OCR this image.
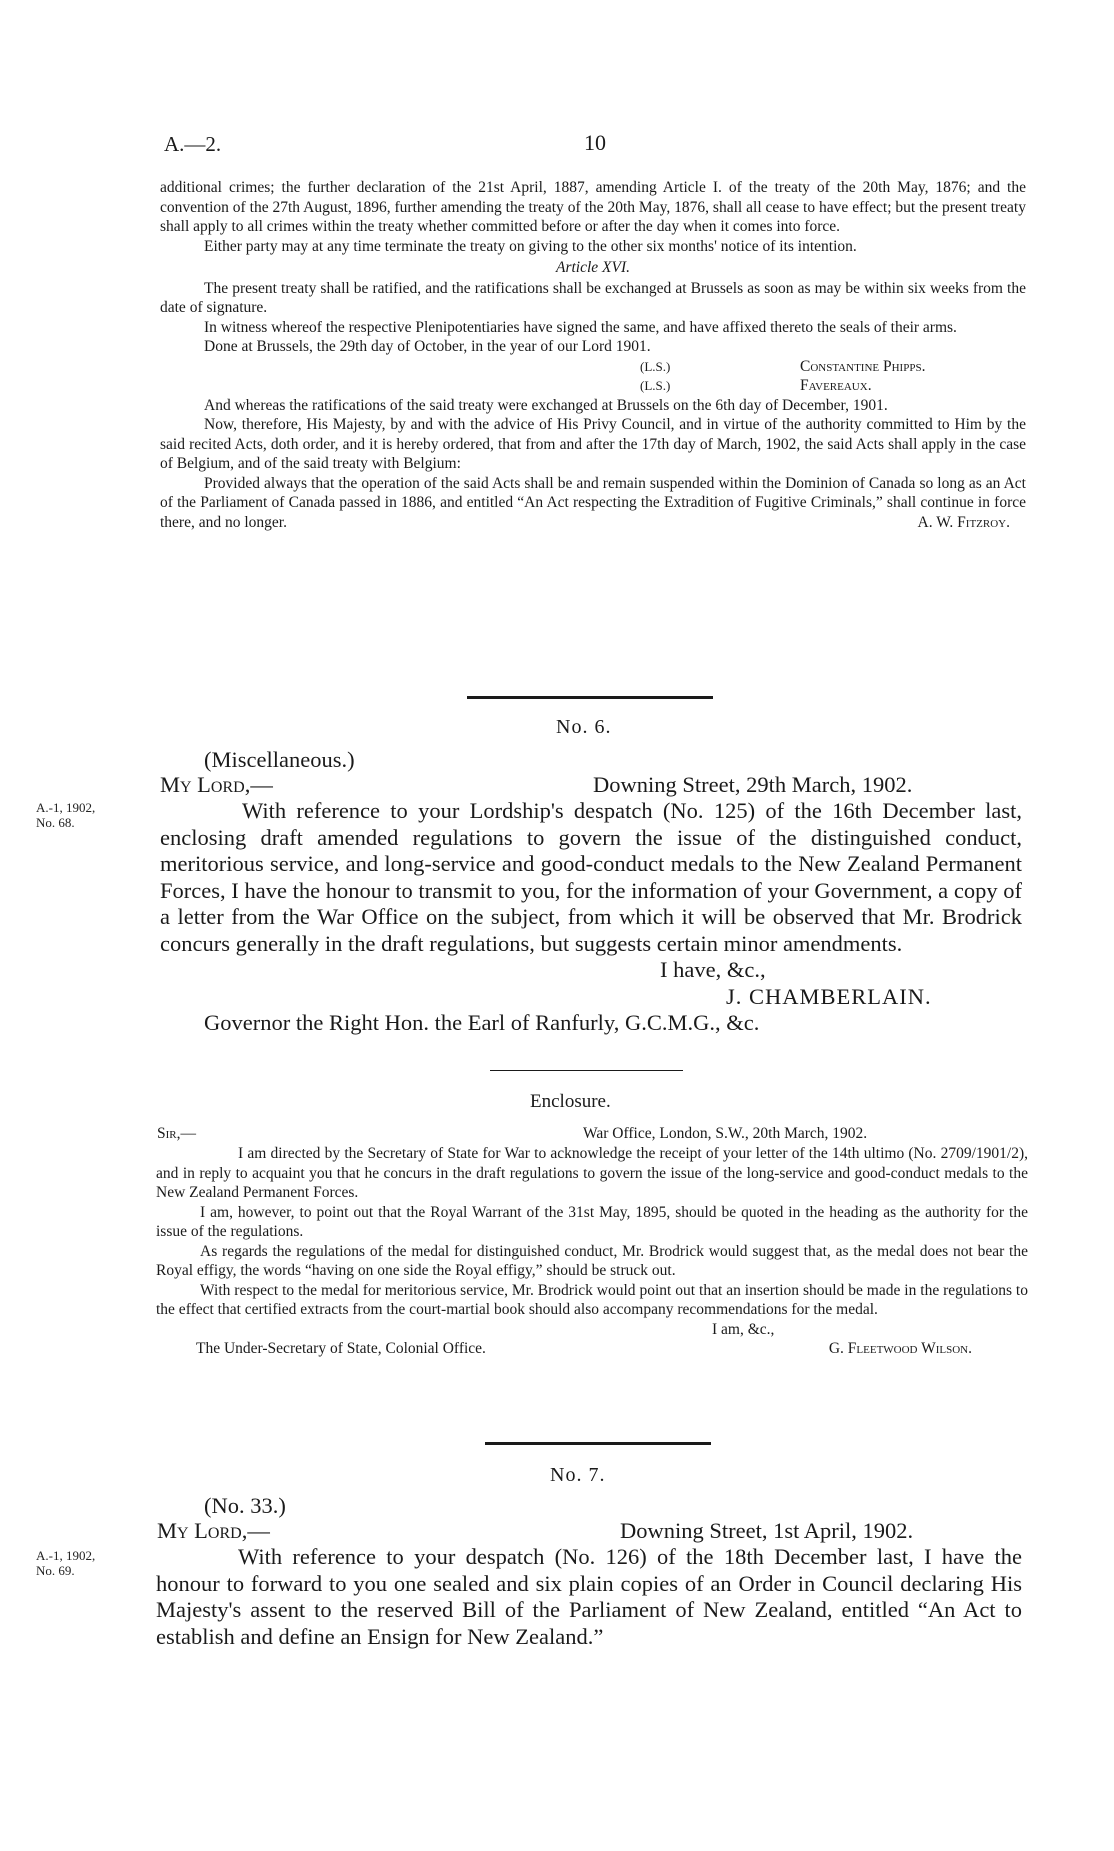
A.—2.	10

additional crimes; the further declaration of the 21st April, 1887, amending Article I. of the treaty of the 20th May, 1876; and the convention of the 27th August, 1896, further amending the treaty of the 20th May, 1876, shall all cease to have effect; but the present treaty shall apply to all crimes within the treaty whether committed before or after the day when it comes into force.

Either party may at any time terminate the treaty on giving to the other six months' notice of its intention.

Article XVI.

The present treaty shall be ratified, and the ratifications shall be exchanged at Brussels as soon as may be within six weeks from the date of signature.

In witness whereof the respective Plenipotentiaries have signed the same, and have affixed thereto the seals of their arms.

Done at Brussels, the 29th day of October, in the year of our Lord 1901.

(L.S.)	Constantine Phipps.
(L.S.)	Favereaux.

And whereas the ratifications of the said treaty were exchanged at Brussels on the 6th day of December, 1901.

Now, therefore, His Majesty, by and with the advice of His Privy Council, and in virtue of the authority committed to Him by the said recited Acts, doth order, and it is hereby ordered, that from and after the 17th day of March, 1902, the said Acts shall apply in the case of Belgium, and of the said treaty with Belgium:

Provided always that the operation of the said Acts shall be and remain suspended within the Dominion of Canada so long as an Act of the Parliament of Canada passed in 1886, and entitled “An Act respecting the Extradition of Fugitive Criminals,” shall continue in force there, and no longer.	A. W. Fitzroy.
No. 6.
(Miscellaneous.)
My Lord,—	Downing Street, 29th March, 1902.
A.-1, 1902,
No. 68.	With reference to your Lordship's despatch (No. 125) of the 16th December last, enclosing draft amended regulations to govern the issue of the distinguished conduct, meritorious service, and long-service and good-conduct medals to the New Zealand Permanent Forces, I have the honour to transmit to you, for the information of your Government, a copy of a letter from the War Office on the subject, from which it will be observed that Mr. Brodrick concurs generally in the draft regulations, but suggests certain minor amendments.

I have, &c.,
J. CHAMBERLAIN.
Governor the Right Hon. the Earl of Ranfurly, G.C.M.G., &c.
Enclosure.
Sir,—	War Office, London, S.W., 20th March, 1902.

I am directed by the Secretary of State for War to acknowledge the receipt of your letter of the 14th ultimo (No. 2709/1901/2), and in reply to acquaint you that he concurs in the draft regulations to govern the issue of the long-service and good-conduct medals to the New Zealand Permanent Forces.

I am, however, to point out that the Royal Warrant of the 31st May, 1895, should be quoted in the heading as the authority for the issue of the regulations.

As regards the regulations of the medal for distinguished conduct, Mr. Brodrick would suggest that, as the medal does not bear the Royal effigy, the words “having on one side the Royal effigy,” should be struck out.

With respect to the medal for meritorious service, Mr. Brodrick would point out that an insertion should be made in the regulations to the effect that certified extracts from the court-martial book should also accompany recommendations for the medal.

I am, &c.,
The Under-Secretary of State, Colonial Office.	G. Fleetwood Wilson.
No. 7.
(No. 33.)
My Lord,—	Downing Street, 1st April, 1902.
A.-1, 1902,
No. 69.

With reference to your despatch (No. 126) of the 18th December last, I have the honour to forward to you one sealed and six plain copies of an Order in Council declaring His Majesty's assent to the reserved Bill of the Parliament of New Zealand, entitled “An Act to establish and define an Ensign for New Zealand.”
